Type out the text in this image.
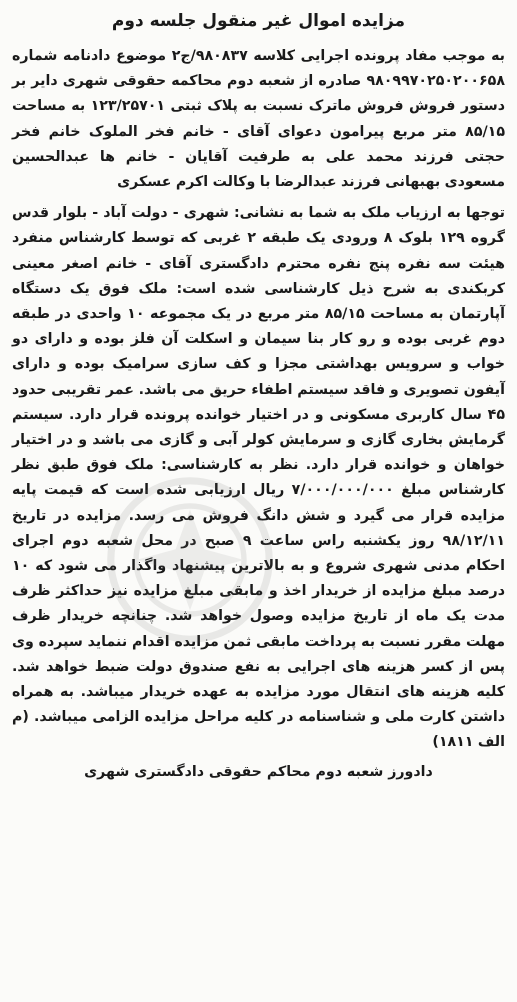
مزایده اموال غیر منقول جلسه دوم

به موجب مفاد پرونده اجرایی کلاسه ۹۸۰۸۳۷/ج۲ موضوع دادنامه شماره ۹۸۰۹۹۷۰۲۵۰۲۰۰۶۵۸ صادره از شعبه دوم محاکمه حقوقی شهری دایر بر دستور فروش فروش ماترک نسبت به پلاک ثبتی ۱۲۳/۲۵۷۰۱ به مساحت ۸۵/۱۵ متر مربع پیرامون دعوای آقای - خانم فخر الملوک خانم فخر حجتی فرزند محمد علی به طرفیت آقایان - خانم ها عبدالحسین مسعودی بهبهانی فرزند عبدالرضا با وکالت اکرم عسکری

توجها به ارزیاب ملک به شما به نشانی: شهری - دولت آباد - بلوار قدس گروه ۱۲۹ بلوک ۸ ورودی یک طبقه ۲ غربی که توسط کارشناس منفرد هیئت سه نفره پنج نفره محترم دادگستری آقای - خانم اصغر معینی کربکندی به شرح ذیل کارشناسی شده است: ملک فوق یک دستگاه آپارتمان به مساحت ۸۵/۱۵ متر مربع در یک مجموعه ۱۰ واحدی در طبقه دوم غربی بوده و رو کار بنا سیمان و اسکلت آن فلز بوده و دارای دو خواب و سرویس بهداشتی مجزا و کف سازی سرامیک بوده و دارای آیفون تصویری و فاقد سیستم اطفاء حریق می باشد. عمر تقریبی حدود ۴۵ سال کاربری مسکونی و در اختیار خوانده پرونده قرار دارد. سیستم گرمایش بخاری گازی و سرمایش کولر آبی و گازی می باشد و در اختیار خواهان و خوانده قرار دارد. نظر به کارشناسی: ملک فوق طبق نظر کارشناس مبلغ ۷/۰۰۰/۰۰۰/۰۰۰ ریال ارزیابی شده است که قیمت پایه مزایده قرار می گیرد و شش دانگ فروش می رسد. مزایده در تاریخ ۹۸/۱۲/۱۱ روز یکشنبه راس ساعت ۹ صبح در محل شعبه دوم اجرای احکام مدنی شهری شروع و به بالاترین پیشنهاد واگذار می شود که ۱۰ درصد مبلغ مزایده از خریدار اخذ و مابقی مبلغ مزایده نیز حداکثر ظرف مدت یک ماه از تاریخ مزایده وصول خواهد شد. چنانچه خریدار ظرف مهلت مقرر نسبت به پرداخت مابقی ثمن مزایده اقدام ننماید سپرده وی پس از کسر هزینه های اجرایی به نفع صندوق دولت ضبط خواهد شد. کلیه هزینه های انتقال مورد مزایده به عهده خریدار میباشد. به همراه داشتن کارت ملی و شناسنامه در کلیه مراحل مزایده الزامی میباشد. (م الف ۱۸۱۱)

دادورز شعبه دوم محاکم حقوقی دادگستری شهری
